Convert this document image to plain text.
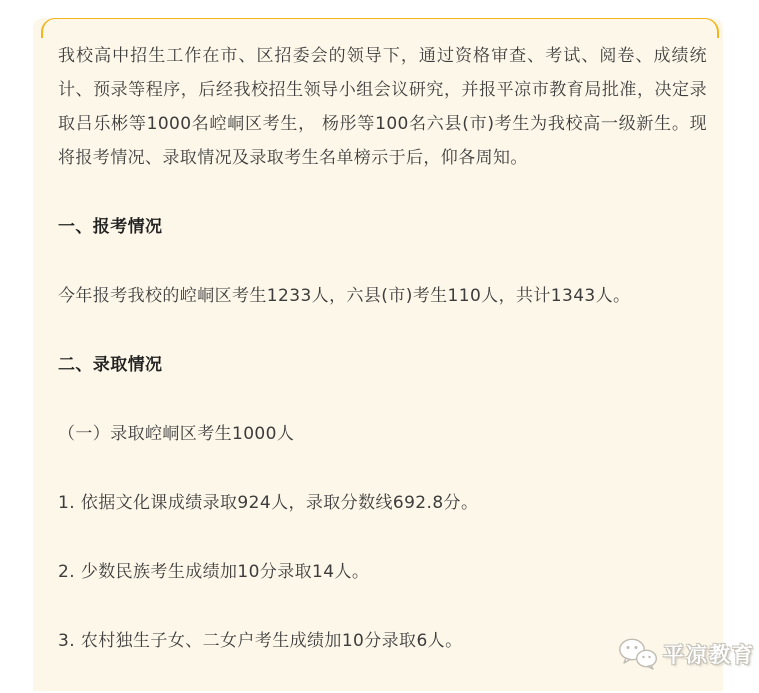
我校高中招生工作在市、区招委会的领导下，通过资格审查、考试、阅卷、成绩统计、预录等程序，后经我校招生领导小组会议研究，并报平凉市教育局批准，决定录取吕乐彬等1000名崆峒区考生， 杨彤等100名六县(市)考生为我校高一级新生。现将报考情况、录取情况及录取考生名单榜示于后，仰各周知。

一、报考情况

今年报考我校的崆峒区考生1233人，六县(市)考生110人，共计1343人。

二、录取情况

（一）录取崆峒区考生1000人

1. 依据文化课成绩录取924人，录取分数线692.8分。

2. 少数民族考生成绩加10分录取14人。

3. 农村独生子女、二女户考生成绩加10分录取6人。

平凉教育
